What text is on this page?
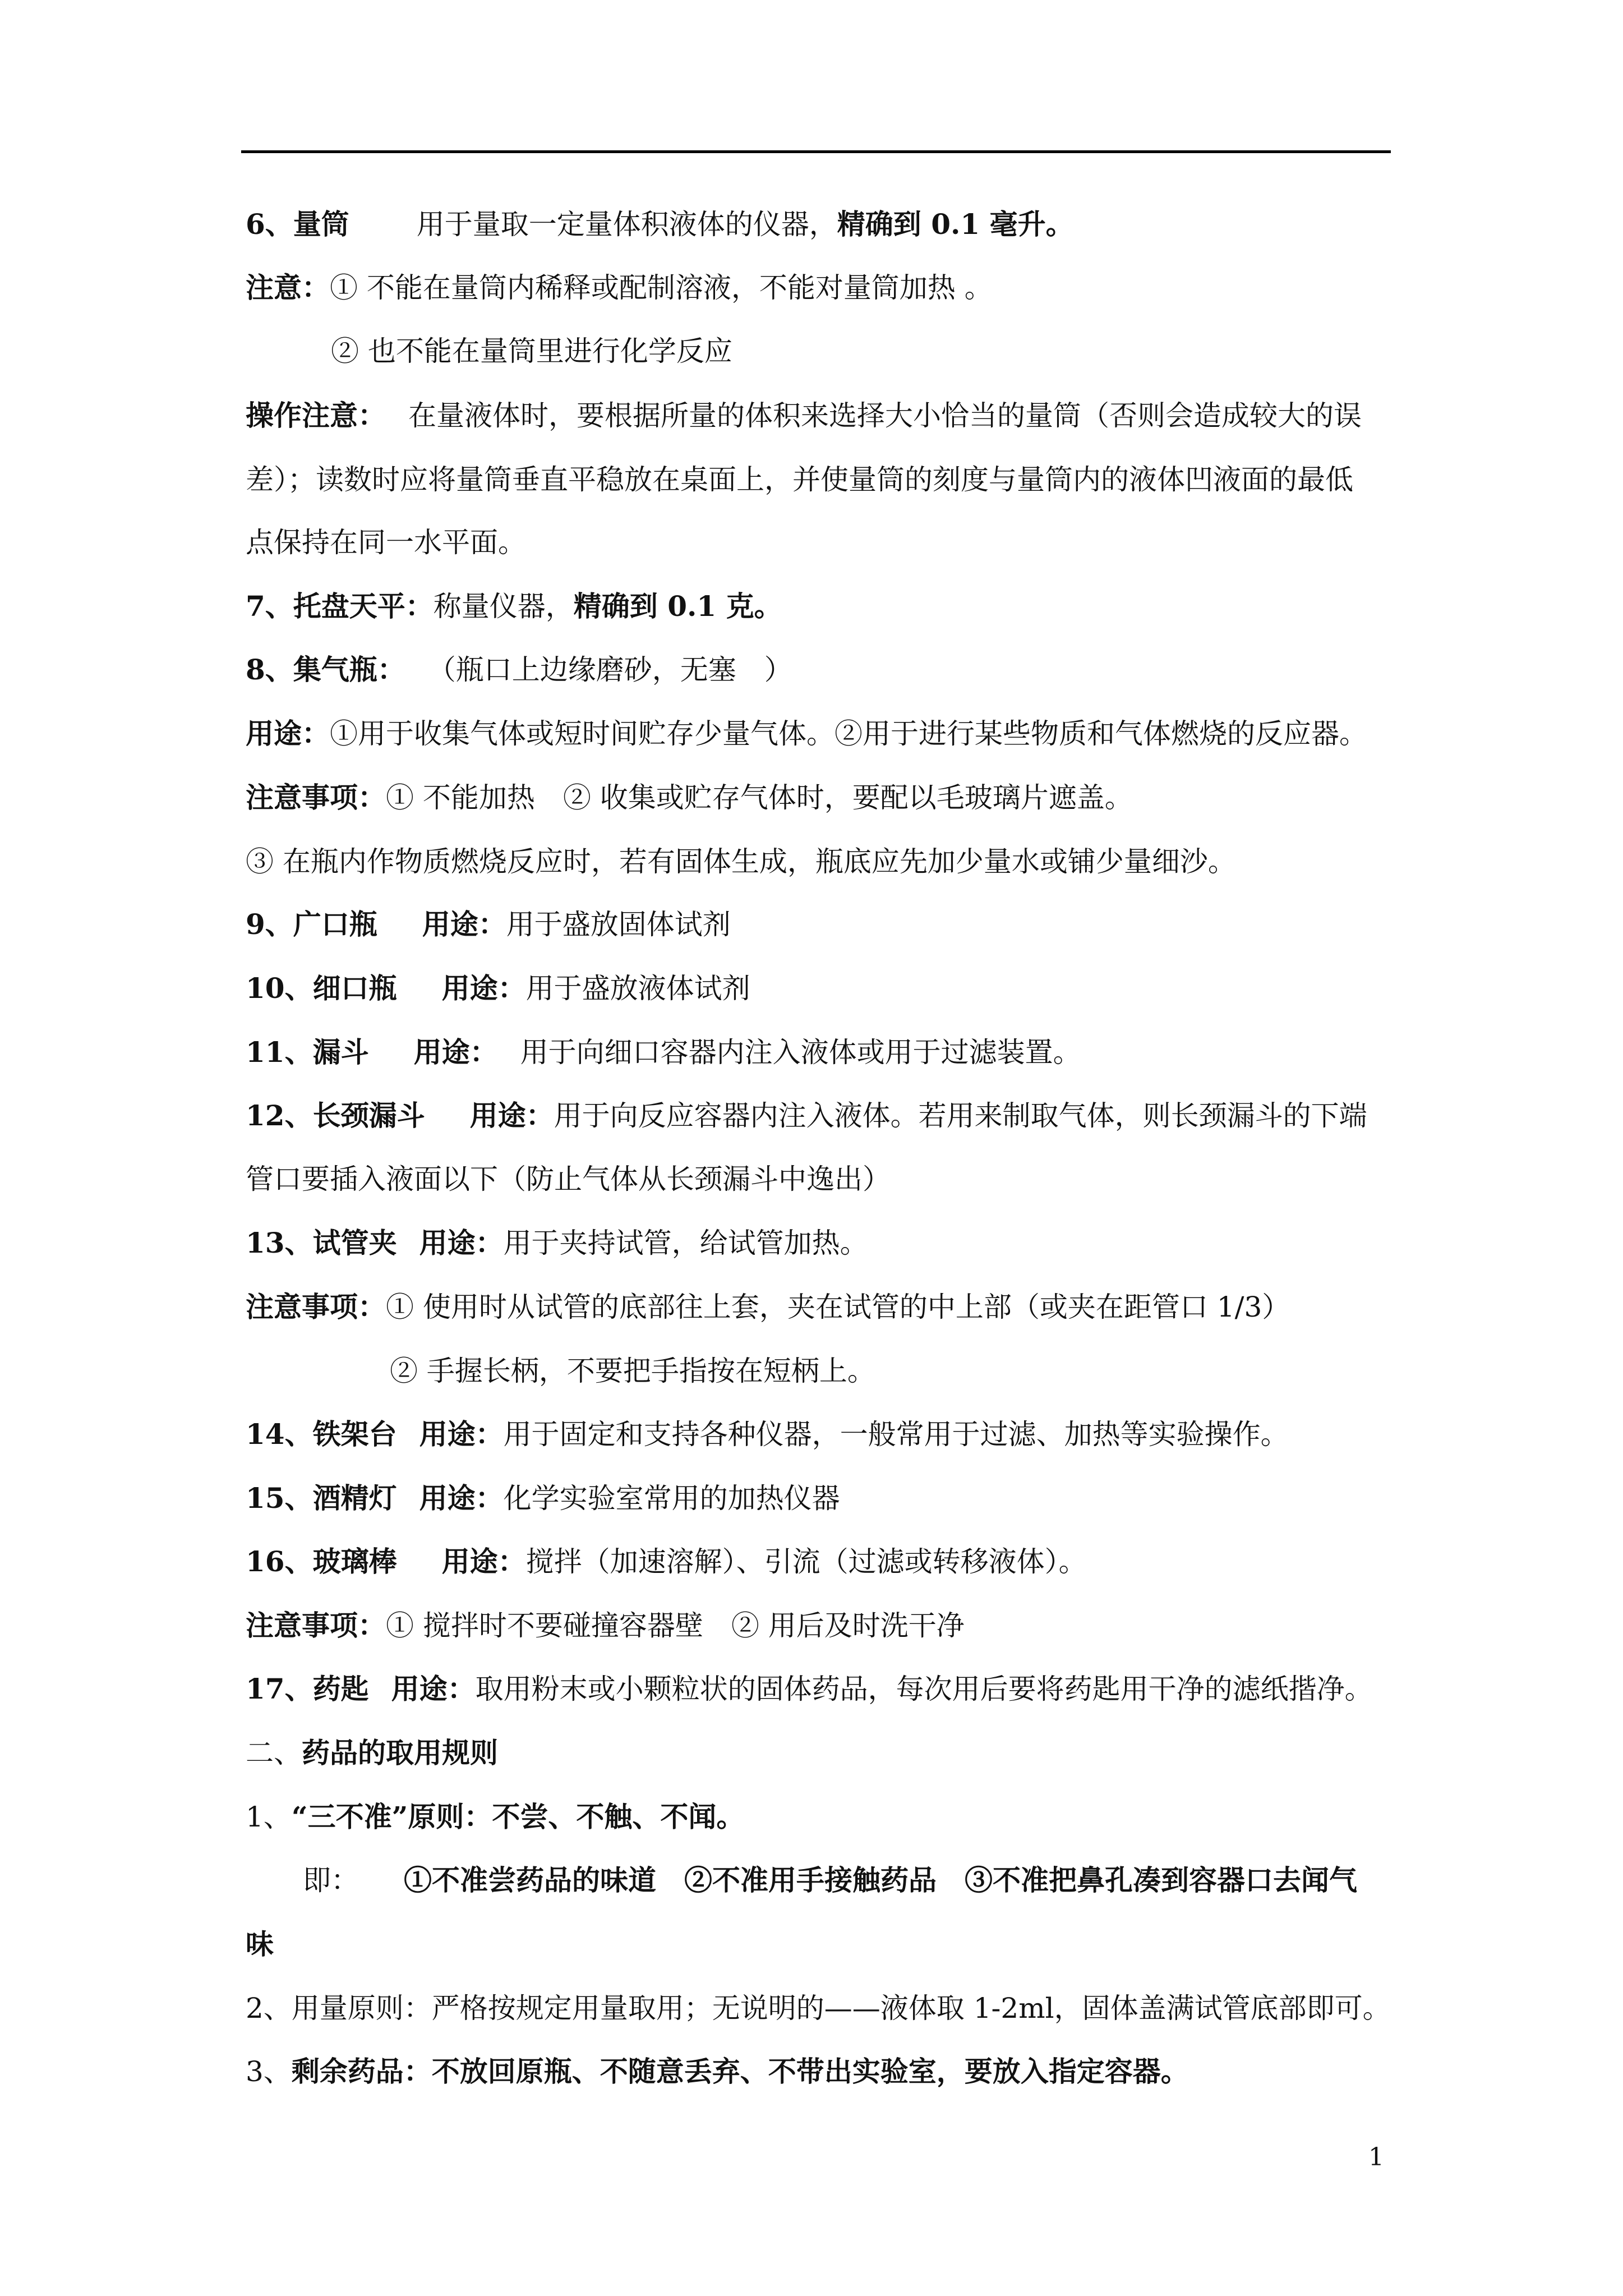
6、量筒 用于量取一定量体积液体的仪器，精确到 0.1 毫升。
注意：① 不能在量筒内稀释或配制溶液，不能对量筒加热 。
② 也不能在量筒里进行化学反应
操作注意： 在量液体时，要根据所量的体积来选择大小恰当的量筒（否则会造成较大的误
差）；读数时应将量筒垂直平稳放在桌面上，并使量筒的刻度与量筒内的液体凹液面的最低
点保持在同一水平面。
7、托盘天平：称量仪器，精确到 0.1 克。
8、集气瓶： （瓶口上边缘磨砂，无塞　）
用途：①用于收集气体或短时间贮存少量气体。②用于进行某些物质和气体燃烧的反应器。
注意事项：① 不能加热　② 收集或贮存气体时，要配以毛玻璃片遮盖。
③ 在瓶内作物质燃烧反应时，若有固体生成，瓶底应先加少量水或铺少量细沙。
9、广口瓶 用途：用于盛放固体试剂
10、细口瓶 用途：用于盛放液体试剂
11、漏斗 用途： 用于向细口容器内注入液体或用于过滤装置。
12、长颈漏斗 用途：用于向反应容器内注入液体。若用来制取气体，则长颈漏斗的下端
管口要插入液面以下（防止气体从长颈漏斗中逸出）
13、试管夹 用途：用于夹持试管，给试管加热。
注意事项：① 使用时从试管的底部往上套，夹在试管的中上部（或夹在距管口 1/3）
② 手握长柄，不要把手指按在短柄上。
14、铁架台 用途：用于固定和支持各种仪器，一般常用于过滤、加热等实验操作。
15、酒精灯 用途：化学实验室常用的加热仪器
16、玻璃棒 用途：搅拌（加速溶解）、引流（过滤或转移液体）。
注意事项：① 搅拌时不要碰撞容器壁　② 用后及时洗干净
17、药匙 用途：取用粉末或小颗粒状的固体药品，每次用后要将药匙用干净的滤纸揩净。
二、药品的取用规则
1、“三不准”原则：不尝、不触、不闻。
即： ①不准尝药品的味道　②不准用手接触药品　③不准把鼻孔凑到容器口去闻气
味
2、用量原则：严格按规定用量取用；无说明的——液体取 1-2ml，固体盖满试管底部即可。
3、剩余药品：不放回原瓶、不随意丢弃、不带出实验室，要放入指定容器。
1
